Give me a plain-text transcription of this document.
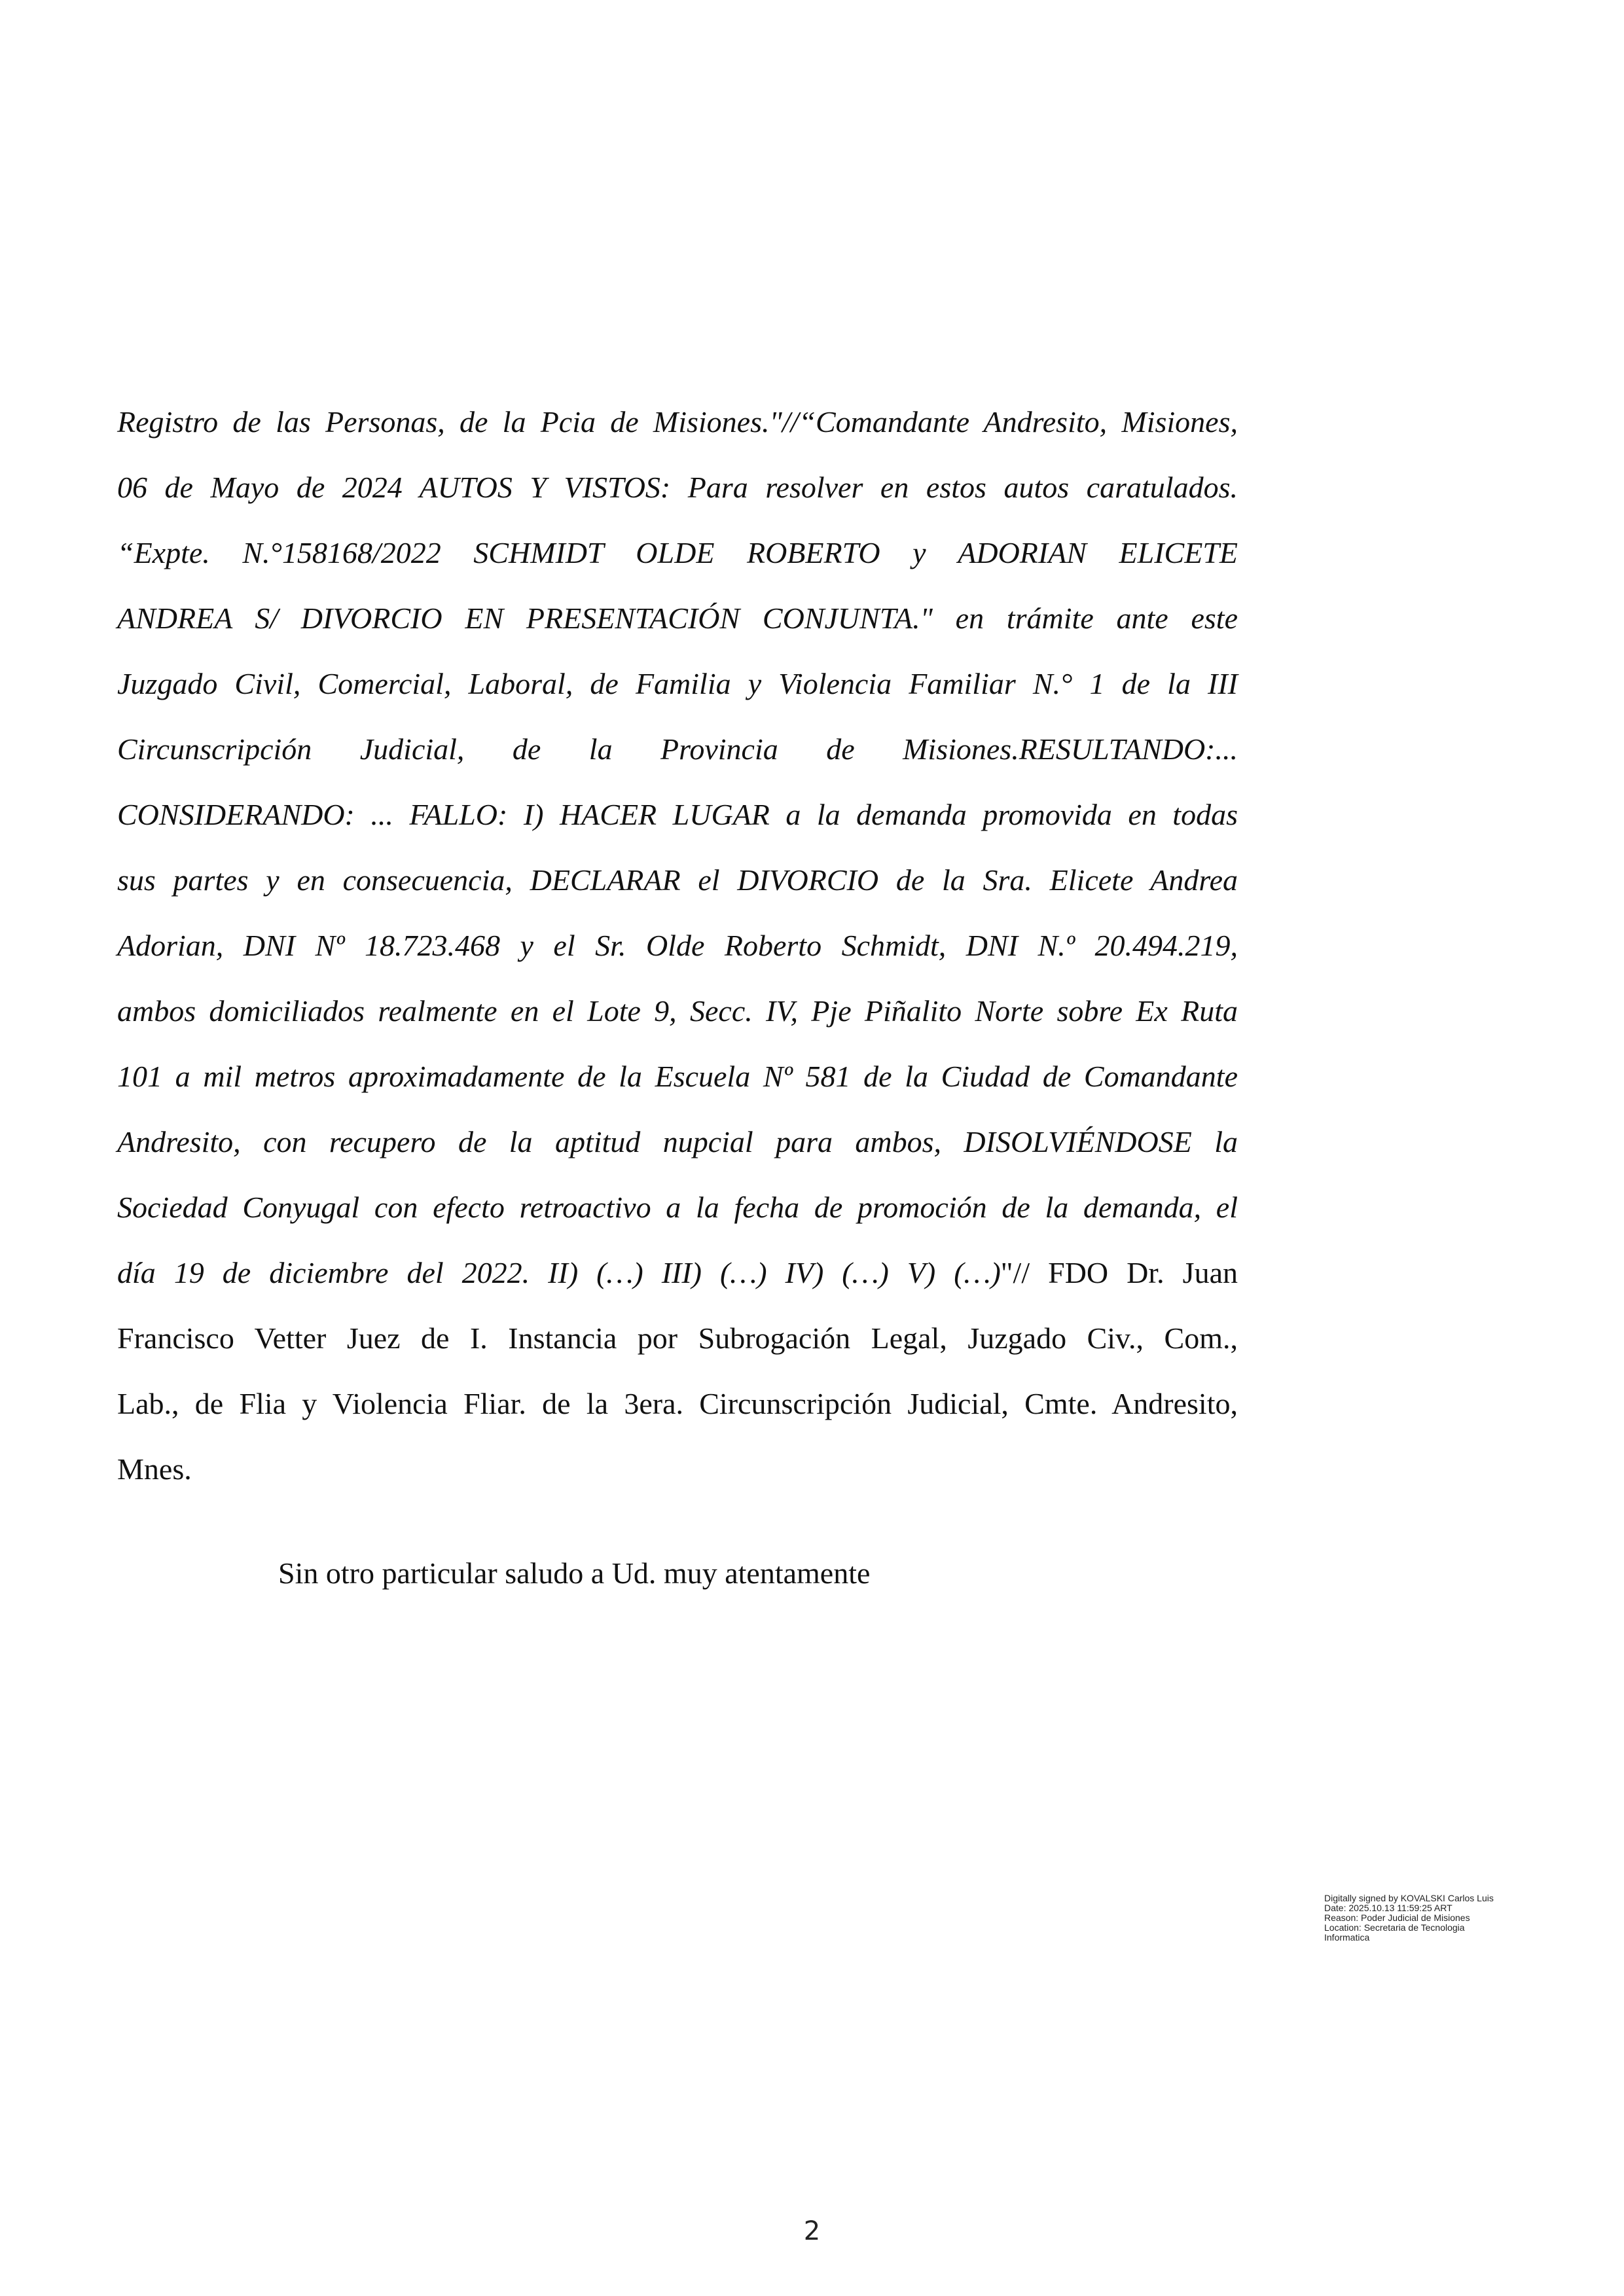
Registro de las Personas, de la Pcia de Misiones."//“Comandante Andresito, Misiones,
06 de Mayo de 2024 AUTOS Y VISTOS: Para resolver en estos autos caratulados.
“Expte. N.°158168/2022 SCHMIDT OLDE ROBERTO y ADORIAN ELICETE
ANDREA S/ DIVORCIO EN PRESENTACIÓN CONJUNTA." en trámite ante este
Juzgado Civil, Comercial, Laboral, de Familia y Violencia Familiar N.° 1 de la III
Circunscripción Judicial, de la Provincia de Misiones.RESULTANDO:...
CONSIDERANDO: ... FALLO: I) HACER LUGAR a la demanda promovida en todas
sus partes y en consecuencia, DECLARAR el DIVORCIO de la Sra. Elicete Andrea
Adorian, DNI Nº 18.723.468 y el Sr. Olde Roberto Schmidt, DNI N.º 20.494.219,
ambos domiciliados realmente en el Lote 9, Secc. IV, Pje Piñalito Norte sobre Ex Ruta
101 a mil metros aproximadamente de la Escuela Nº 581 de la Ciudad de Comandante
Andresito, con recupero de la aptitud nupcial para ambos, DISOLVIÉNDOSE la
Sociedad Conyugal con efecto retroactivo a la fecha de promoción de la demanda, el
día 19 de diciembre del 2022. II) (…) III) (…) IV) (…) V) (…)"// FDO Dr. Juan
Francisco Vetter Juez de I. Instancia por Subrogación Legal, Juzgado Civ., Com.,
Lab., de Flia y Violencia Fliar. de la 3era. Circunscripción Judicial, Cmte. Andresito,
Mnes.
Sin otro particular saludo a Ud. muy atentamente
Digitally signed by KOVALSKI Carlos Luis
Date: 2025.10.13 11:59:25 ART
Reason: Poder Judicial de Misiones
Location: Secretaria de Tecnologia
Informatica
2
